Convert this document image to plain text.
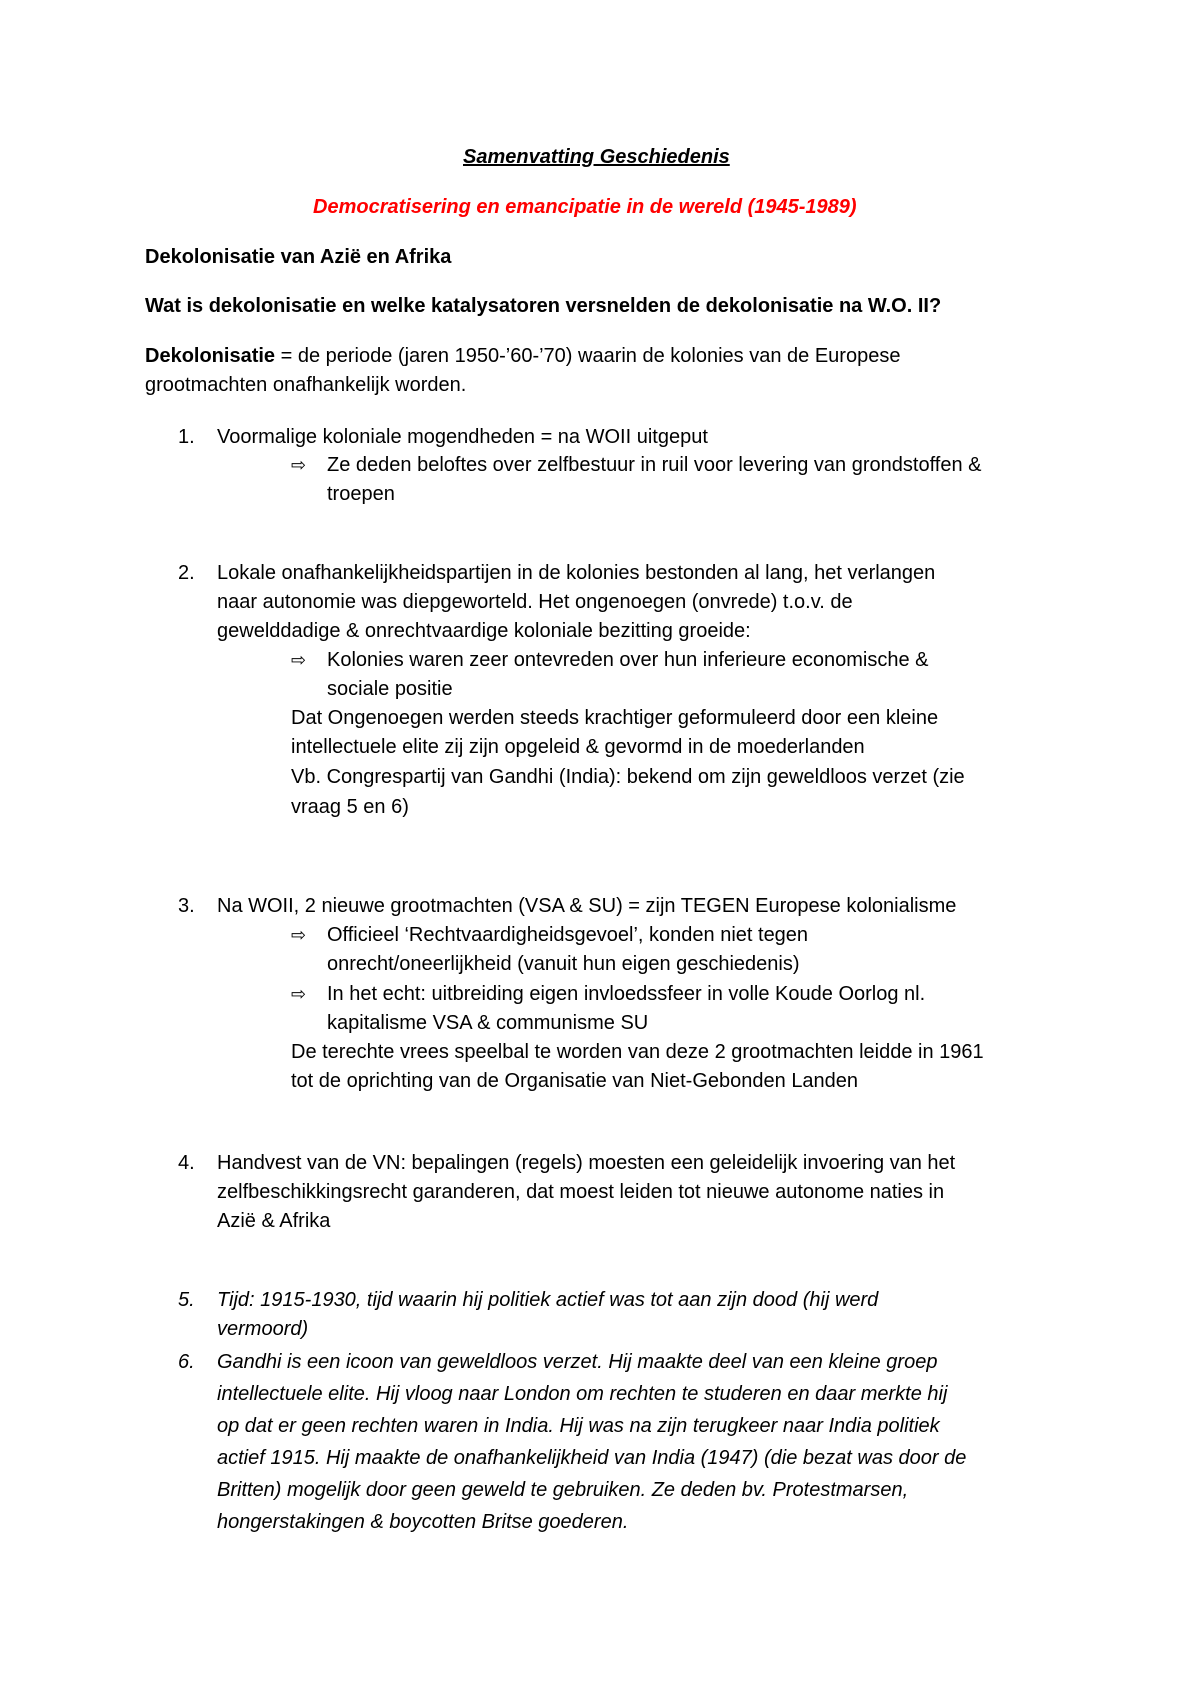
Samenvatting Geschiedenis
Democratisering en emancipatie in de wereld (1945-1989)
Dekolonisatie van Azië en Afrika
Wat is dekolonisatie en welke katalysatoren versnelden de dekolonisatie na W.O. II?
Dekolonisatie = de periode (jaren 1950-’60-’70) waarin de kolonies van de Europese
grootmachten onafhankelijk worden.
1.	Voormalige koloniale mogendheden = na WOII uitgeput
⇨ Ze deden beloftes over zelfbestuur in ruil voor levering van grondstoffen &
troepen
2.	Lokale onafhankelijkheidspartijen in de kolonies bestonden al lang, het verlangen
naar autonomie was diepgeworteld. Het ongenoegen (onvrede) t.o.v. de
gewelddadige & onrechtvaardige koloniale bezitting groeide:
⇨ Kolonies waren zeer ontevreden over hun inferieure economische &
sociale positie
Dat Ongenoegen werden steeds krachtiger geformuleerd door een kleine
intellectuele elite zij zijn opgeleid & gevormd in de moederlanden
Vb. Congrespartij van Gandhi (India): bekend om zijn geweldloos verzet (zie
vraag 5 en 6)
3.	Na WOII, 2 nieuwe grootmachten (VSA & SU) = zijn TEGEN Europese kolonialisme
⇨ Officieel ‘Rechtvaardigheidsgevoel’, konden niet tegen
onrecht/oneerlijkheid (vanuit hun eigen geschiedenis)
⇨ In het echt: uitbreiding eigen invloedssfeer in volle Koude Oorlog nl.
kapitalisme VSA & communisme SU
De terechte vrees speelbal te worden van deze 2 grootmachten leidde in 1961
tot de oprichting van de Organisatie van Niet-Gebonden Landen
4.	Handvest van de VN: bepalingen (regels) moesten een geleidelijk invoering van het
zelfbeschikkingsrecht garanderen, dat moest leiden tot nieuwe autonome naties in
Azië & Afrika
5.	Tijd: 1915-1930, tijd waarin hij politiek actief was tot aan zijn dood (hij werd
vermoord)
6.	Gandhi is een icoon van geweldloos verzet. Hij maakte deel van een kleine groep
intellectuele elite. Hij vloog naar London om rechten te studeren en daar merkte hij
op dat er geen rechten waren in India. Hij was na zijn terugkeer naar India politiek
actief 1915. Hij maakte de onafhankelijkheid van India (1947) (die bezat was door de
Britten) mogelijk door geen geweld te gebruiken. Ze deden bv. Protestmarsen,
hongerstakingen & boycotten Britse goederen.
